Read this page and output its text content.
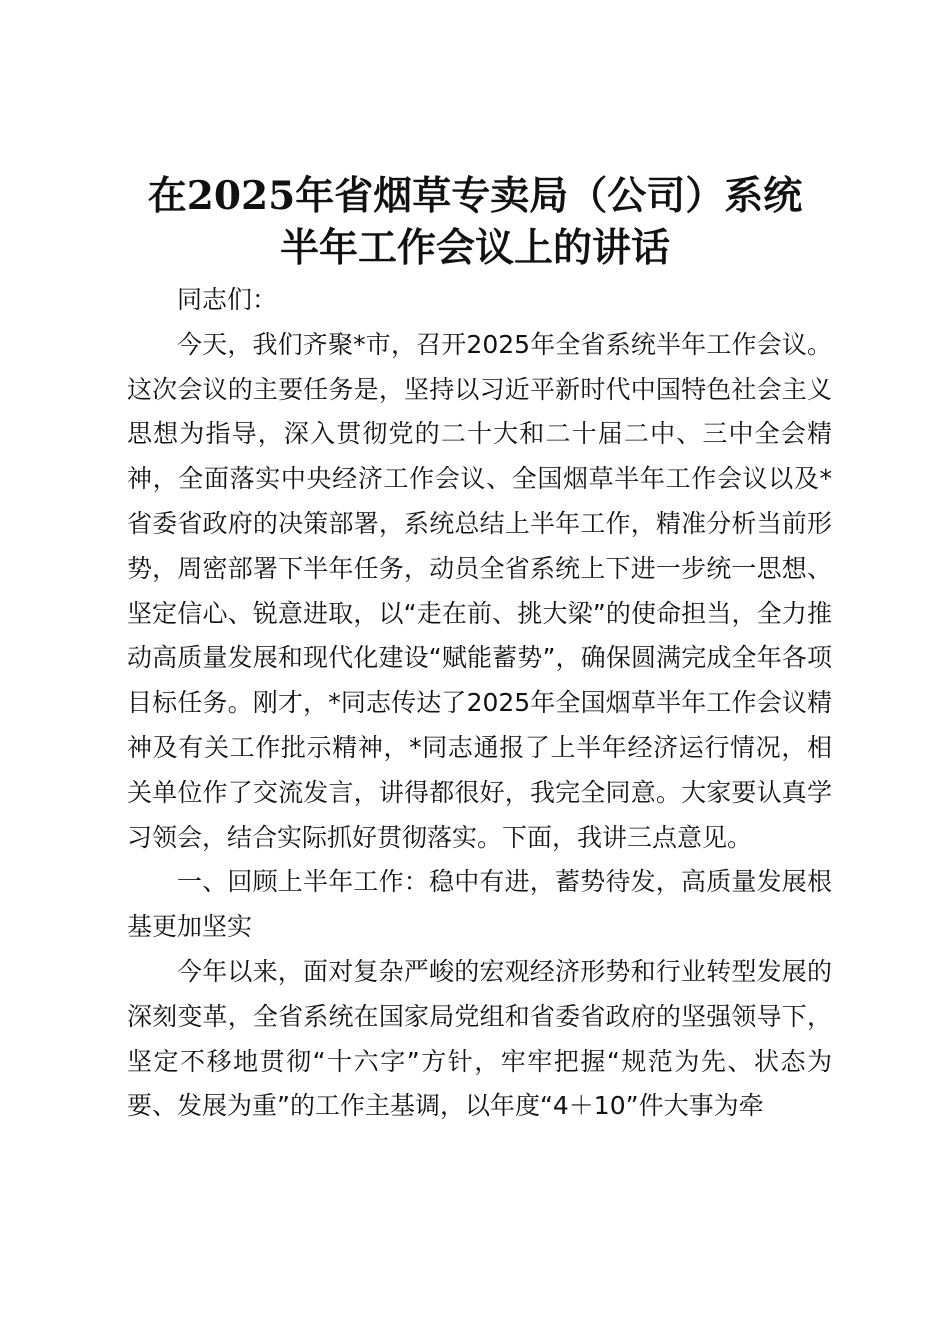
在2025年省烟草专卖局（公司）系统
半年工作会议上的讲话

同志们：

今天，我们齐聚*市，召开2025年全省系统半年工作会议。这次会议的主要任务是，坚持以习近平新时代中国特色社会主义思想为指导，深入贯彻党的二十大和二十届二中、三中全会精神，全面落实中央经济工作会议、全国烟草半年工作会议以及*省委省政府的决策部署，系统总结上半年工作，精准分析当前形势，周密部署下半年任务，动员全省系统上下进一步统一思想、坚定信心、锐意进取，以“走在前、挑大梁”的使命担当，全力推动高质量发展和现代化建设“赋能蓄势”，确保圆满完成全年各项目标任务。刚才，*同志传达了2025年全国烟草半年工作会议精神及有关工作批示精神，*同志通报了上半年经济运行情况，相关单位作了交流发言，讲得都很好，我完全同意。大家要认真学习领会，结合实际抓好贯彻落实。下面，我讲三点意见。

一、回顾上半年工作：稳中有进，蓄势待发，高质量发展根基更加坚实

今年以来，面对复杂严峻的宏观经济形势和行业转型发展的深刻变革，全省系统在国家局党组和省委省政府的坚强领导下，坚定不移地贯彻“十六字”方针，牢牢把握“规范为先、状态为要、发展为重”的工作主基调，以年度“4＋10”件大事为牵
